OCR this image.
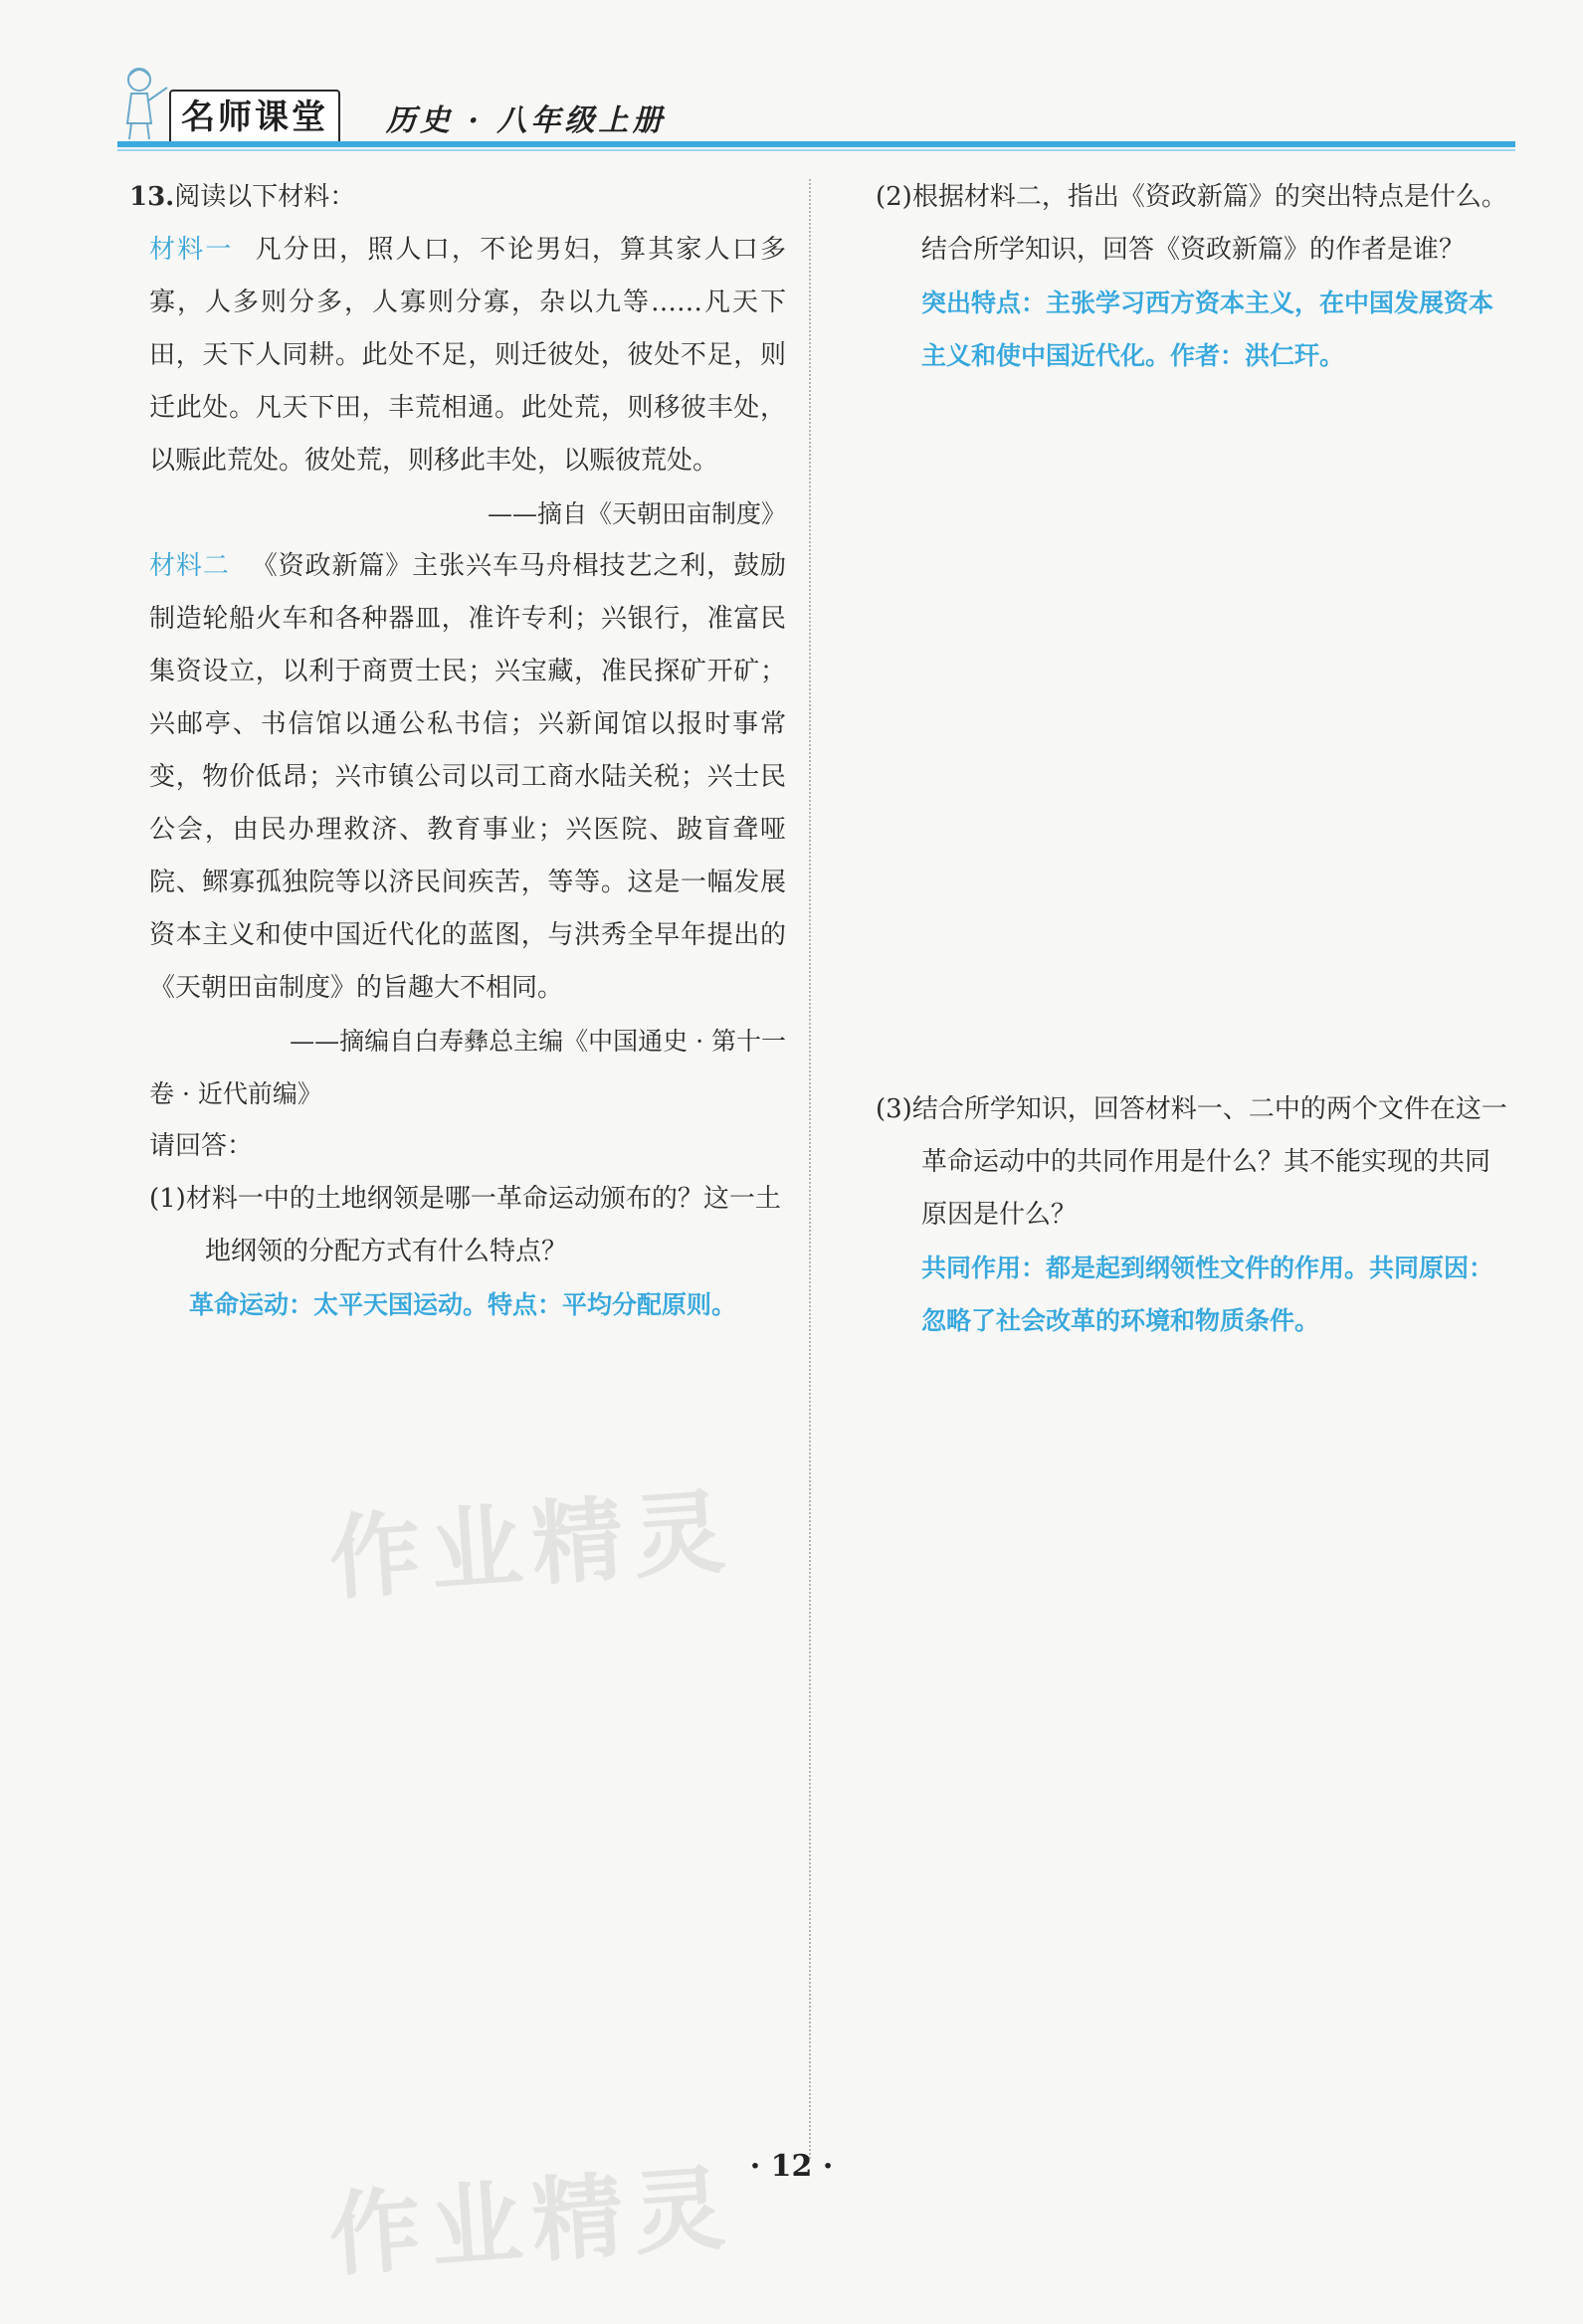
名师课堂	历史 · 八年级上册

13.阅读以下材料：

材料一 凡分田，照人口，不论男妇，算其家人口多寡，人多则分多，人寡则分寡，杂以九等……凡天下田，天下人同耕。此处不足，则迁彼处，彼处不足，则迁此处。凡天下田，丰荒相通。此处荒，则移彼丰处，以赈此荒处。彼处荒，则移此丰处，以赈彼荒处。

——摘自《天朝田亩制度》

材料二 《资政新篇》主张兴车马舟楫技艺之利，鼓励制造轮船火车和各种器皿，准许专利；兴银行，准富民集资设立，以利于商贾士民；兴宝藏，准民探矿开矿；兴邮亭、书信馆以通公私书信；兴新闻馆以报时事常变，物价低昂；兴市镇公司以司工商水陆关税；兴士民公会，由民办理救济、教育事业；兴医院、跛盲聋哑院、鳏寡孤独院等以济民间疾苦，等等。这是一幅发展资本主义和使中国近代化的蓝图，与洪秀全早年提出的《天朝田亩制度》的旨趣大不相同。

——摘编自白寿彝总主编《中国通史 · 第十一

卷 · 近代前编》

请回答：

(1)材料一中的土地纲领是哪一革命运动颁布的？这一土地纲领的分配方式有什么特点？

革命运动：太平天国运动。特点：平均分配原则。

(2)根据材料二，指出《资政新篇》的突出特点是什么。结合所学知识，回答《资政新篇》的作者是谁？

突出特点：主张学习西方资本主义，在中国发展资本主义和使中国近代化。作者：洪仁玕。

(3)结合所学知识，回答材料一、二中的两个文件在这一革命运动中的共同作用是什么？其不能实现的共同原因是什么？

共同作用：都是起到纲领性文件的作用。共同原因：忽略了社会改革的环境和物质条件。

作业精灵
作业精灵 · 12 ·
